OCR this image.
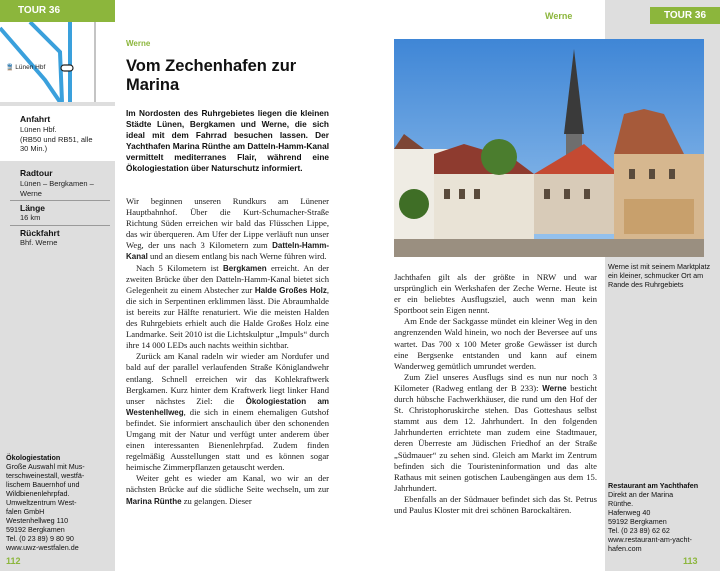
TOUR 36
🚆 Lünen Hbf
Anfahrt
Lünen Hbf.
(RB50 und RB51, alle
30 Min.)
Radtour
Lünen – Bergkamen –
Werne
Länge
16 km
Rückfahrt
Bhf. Werne
Ökologiestation
Große Auswahl mit Mus-
terschweinestall, westfä-
lischem Bauernhof und
Wildbienenlehrpfad.
Umweltzentrum West-
falen GmbH
Westenhellweg 110
59192 Bergkamen
Tel. (0 23 89) 9 80 90
www.uwz-westfalen.de
112
Werne
Vom Zechenhafen zur Marina
Im Nordosten des Ruhrgebietes liegen die kleinen Städte Lünen, Bergkamen und Werne, die sich ideal mit dem Fahrrad besuchen lassen. Der Yachthafen Marina Rünthe am Datteln-Hamm-Kanal vermittelt mediterranes Flair, während eine Ökologiestation über Naturschutz informiert.

Wir beginnen unseren Rundkurs am Lünener Hauptbahnhof. Über die Kurt-Schumacher-Straße Richtung Süden erreichen wir bald das Flüsschen Lippe, das wir überqueren. Am Ufer der Lippe verläuft nun unser Weg, der uns nach 3 Kilometern zum Datteln-Hamm-Kanal und an diesem entlang bis nach Werne führen wird.

Nach 5 Kilometern ist Bergkamen erreicht. An der zweiten Brücke über den Datteln-Hamm-Kanal bietet sich Gelegenheit zu einem Abstecher zur Halde Großes Holz, die sich in Serpentinen erklimmen lässt. Die Abraumhalde ist bereits zur Hälfte renaturiert. Wie die meisten Halden des Ruhrgebiets erhielt auch die Halde Großes Holz eine Landmarke. Seit 2010 ist die Lichtskulptur „Impuls“ durch ihre 14 000 LEDs auch nachts weithin sichtbar.

Zurück am Kanal radeln wir wieder am Nordufer und bald auf der parallel verlaufenden Straße Königlandwehr entlang. Schnell erreichen wir das Kohlekraftwerk Bergkamen. Kurz hinter dem Kraftwerk liegt linker Hand unser nächstes Ziel: die Ökologiestation am Westenhellweg, die sich in einem ehemaligen Gutshof befindet. Sie informiert anschaulich über den schonenden Umgang mit der Natur und verfügt unter anderem über einen interessanten Bienenlehrpfad. Zudem finden regelmäßig Ausstellungen statt und es können sogar heimische Zimmerpflanzen getauscht werden.

Weiter geht es wieder am Kanal, wo wir an der nächsten Brücke auf die südliche Seite wechseln, um zur Marina Rünthe zu gelangen. Dieser

Werne	TOUR 36
Werne ist mit seinem Marktplatz ein kleiner, schmucker Ort am Rande des Ruhrgebiets

Jachthafen gilt als der größte in NRW und war ursprünglich ein Werkshafen der Zeche Werne. Heute ist er ein beliebtes Ausflugsziel, auch wenn man kein Sportboot sein Eigen nennt.

Am Ende der Sackgasse mündet ein kleiner Weg in den angrenzenden Wald hinein, wo noch der Beversee auf uns wartet. Das 700 x 100 Meter große Gewässer ist durch eine Bergsenke entstanden und kann auf einem Wanderweg gemütlich umrundet werden.

Zum Ziel unseres Ausflugs sind es nun nur noch 3 Kilometer (Radweg entlang der B 233): Werne besticht durch hübsche Fachwerkhäuser, die rund um den Hof der St. Christophoruskirche stehen. Das Gotteshaus selbst stammt aus dem 12. Jahrhundert. In den folgenden Jahrhunderten errichtete man zudem eine Stadtmauer, deren Überreste am Jüdischen Friedhof an der Straße „Südmauer“ zu sehen sind. Gleich am Markt im Zentrum befinden sich die Touristeninformation und das alte Rathaus mit seinen gotischen Laubengängen aus dem 15. Jahrhundert.

Ebenfalls an der Südmauer befindet sich das St. Petrus und Paulus Kloster mit drei schönen Barockaltären.

Restaurant am Yachthafen
Direkt an der Marina
Rünthe.
Hafenweg 40
59192 Bergkamen
Tel. (0 23 89) 62 62
www.restaurant-am-yacht-
hafen.com
113
